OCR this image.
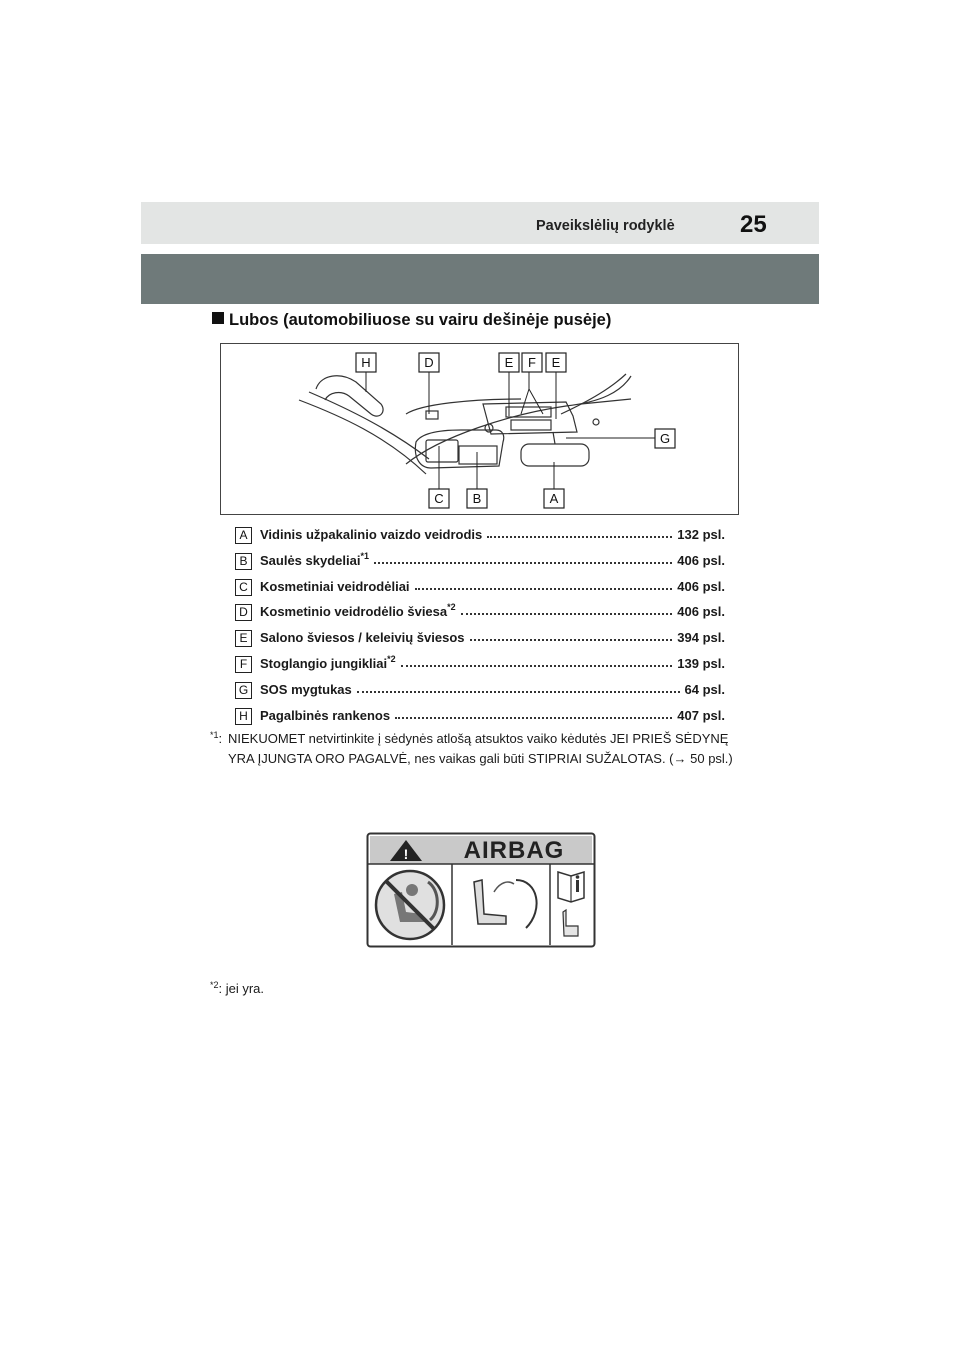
Paveikslėlių rodyklė	25
Lubos (automobiliuose su vairu dešinėje pusėje)
H	D	E F E
G
C B	A
A Vidinis užpakalinio vaizdo veidrodis	132 psl.
B Saulės skydeliai$^{*1}$	406 psl.
C Kosmetiniai veidrodėliai	406 psl.
D Kosmetinio veidrodėlio šviesa$^{*2}$	406 psl.
E Salono šviesos / keleivių šviesos	394 psl.
F Stoglangio jungikliai$^{*2}$	139 psl.
G SOS mygtukas	64 psl.
H Pagalbinės rankenos	407 psl.
$^{*1}$: NIEKUOMET netvirtinkite į sėdynės atlošą atsuktos vaiko kėdutės JEI PRIEŠ SĖDYNĘ YRA ĮJUNGTA ORO PAGALVĖ, nes vaikas gali būti STIPRIAI SUŽALOTAS. (→ 50 psl.)
! AIRBAG
$^{*2}$: jei yra.
